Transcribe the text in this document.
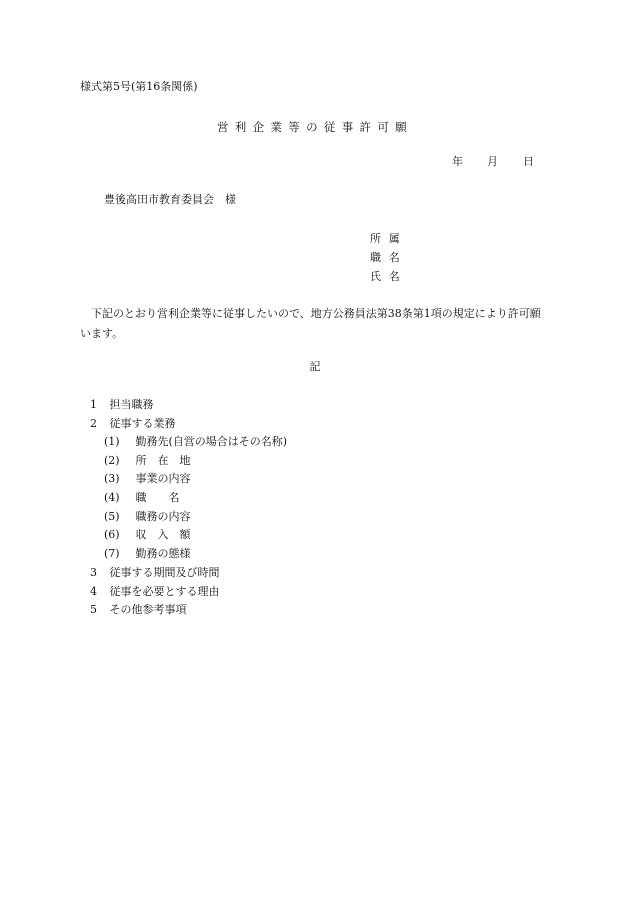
様式第5号(第16条関係)
営利企業等の従事許可願
年 月 日
豊後高田市教育委員会　様
所属
職名
氏名
下記のとおり営利企業等に従事したいので、地方公務員法第38条第1項の規定により許可願います。
記
1 担当職務
2 従事する業務
(1) 勤務先(自営の場合はその名称)
(2) 所　在　地
(3) 事業の内容
(4) 職　　名
(5) 職務の内容
(6) 収　入　額
(7) 勤務の態様
3 従事する期間及び時間
4 従事を必要とする理由
5 その他参考事項
